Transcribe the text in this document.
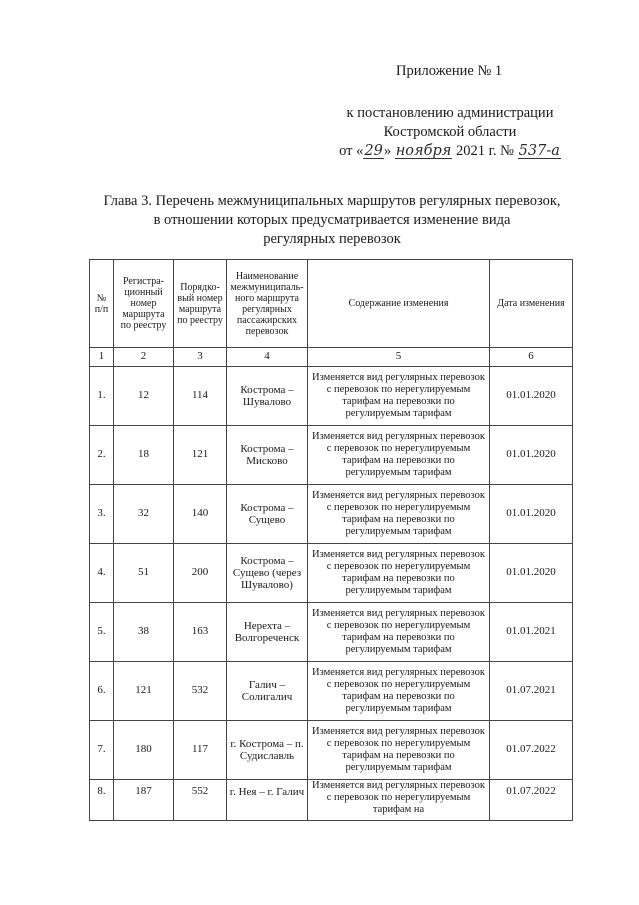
Приложение № 1
к постановлению администрации
Костромской области
от «29» ноября 2021 г. № 537-а
Глава 3. Перечень межмуниципальных маршрутов регулярных перевозок,
в отношении которых предусматривается изменение вида
регулярных перевозок
№ п/п	Регистра-ционный номер маршрута по реестру	Порядко-вый номер маршрута по реестру	Наименование межмуниципаль-ного маршрута регулярных пассажирских перевозок	Содержание изменения	Дата изменения
1	2	3	4	5	6
1.	12	114	Кострома – Шувалово	Изменяется вид регулярных перевозок с перевозок по нерегулируемым тарифам на перевозки по регулируемым тарифам	01.01.2020
2.	18	121	Кострома – Мисково	Изменяется вид регулярных перевозок с перевозок по нерегулируемым тарифам на перевозки по регулируемым тарифам	01.01.2020
3.	32	140	Кострома – Сущево	Изменяется вид регулярных перевозок с перевозок по нерегулируемым тарифам на перевозки по регулируемым тарифам	01.01.2020
4.	51	200	Кострома – Сущево (через Шувалово)	Изменяется вид регулярных перевозок с перевозок по нерегулируемым тарифам на перевозки по регулируемым тарифам	01.01.2020
5.	38	163	Нерехта – Волгореченск	Изменяется вид регулярных перевозок с перевозок по нерегулируемым тарифам на перевозки по регулируемым тарифам	01.01.2021
6.	121	532	Галич – Солигалич	Изменяется вид регулярных перевозок с перевозок по нерегулируемым тарифам на перевозки по регулируемым тарифам	01.07.2021
7.	180	117	г. Кострома – п. Судиславль	Изменяется вид регулярных перевозок с перевозок по нерегулируемым тарифам на перевозки по регулируемым тарифам	01.07.2022
8.	187	552	г. Нея – г. Галич	Изменяется вид регулярных перевозок с перевозок по нерегулируемым тарифам на	01.07.2022
